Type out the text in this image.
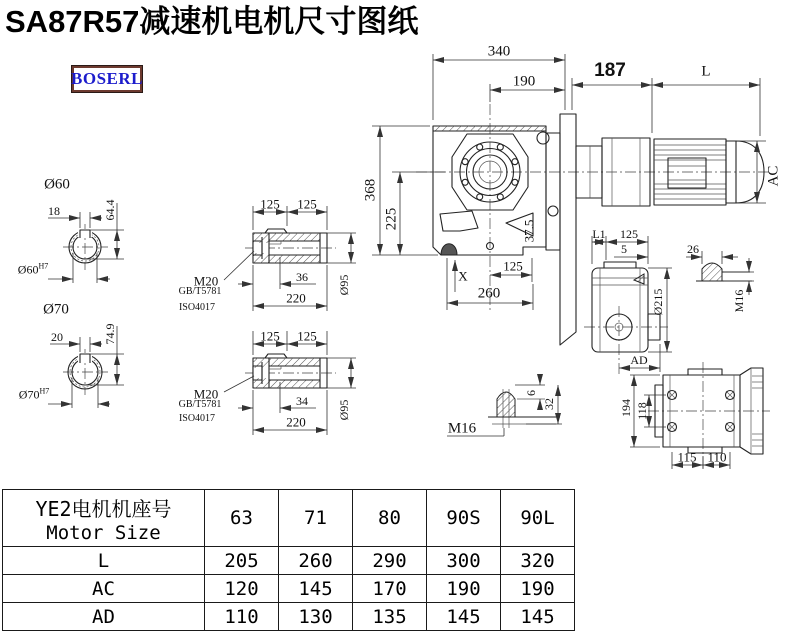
SA87R57减速机电机尺寸图纸
BOSERL
340
190
187	L
AC
368
225
37.5
125
260
X
Ø60
18	64.4
$Ø60^{H7}$
Ø70
20	74.9
$Ø70^{H7}$
125 125
M20
GB/T5781
ISO4017
36
220
Ø95
125 125
M20
GB/T5781
ISO4017
34
220
Ø95
L1 125
5
Ø215
AD
26
M16
M16
6
32	194 118
115 110
YE2电机机座号
Motor Size	63	71	80	90S	90L
L	205	260	290	300	320
AC	120	145	170	190	190
AD	110	130	135	145	145
